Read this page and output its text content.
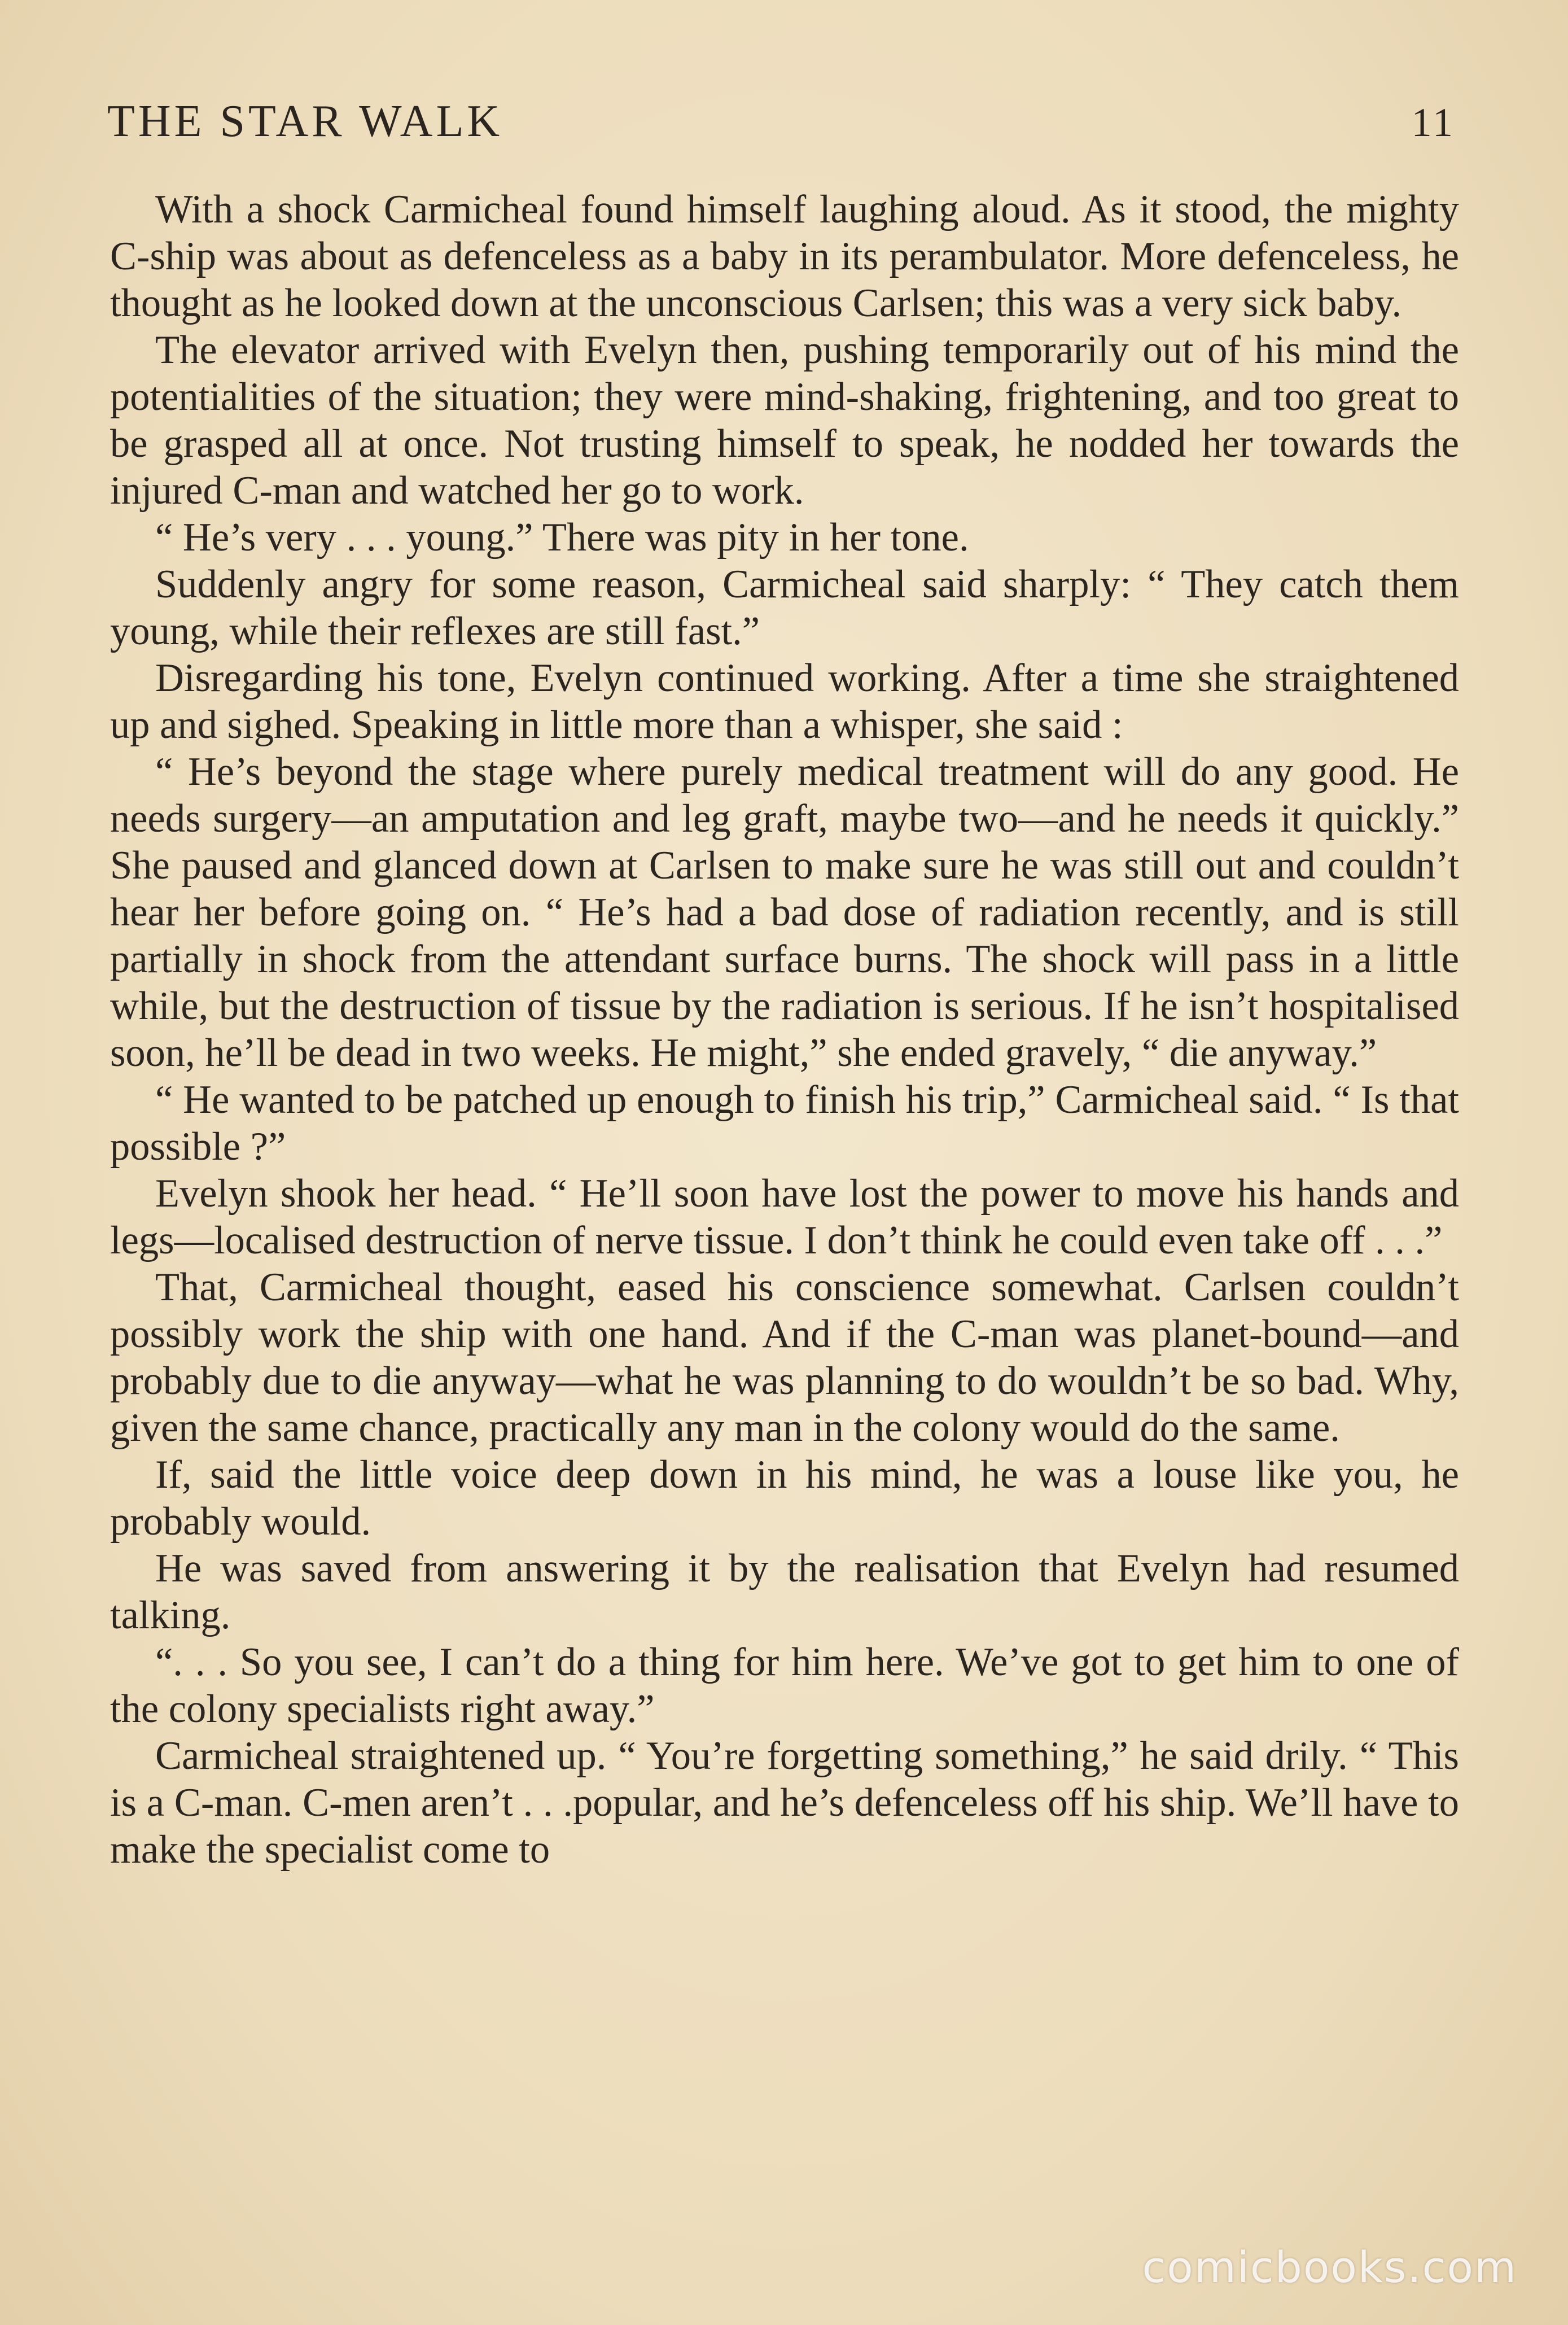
THE STAR WALK	11

With a shock Carmicheal found himself laughing aloud. As it stood, the mighty C-ship was about as defenceless as a baby in its perambulator. More defenceless, he thought as he looked down at the unconscious Carlsen; this was a very sick baby.

The elevator arrived with Evelyn then, pushing temporarily out of his mind the potentialities of the situation; they were mind-shaking, frightening, and too great to be grasped all at once. Not trusting himself to speak, he nodded her towards the injured C-man and watched her go to work.

“ He’s very . . . young.” There was pity in her tone.

Suddenly angry for some reason, Carmicheal said sharply: “ They catch them young, while their reflexes are still fast.”

Disregarding his tone, Evelyn continued working. After a time she straightened up and sighed. Speaking in little more than a whisper, she said :

“ He’s beyond the stage where purely medical treatment will do any good. He needs surgery—an amputation and leg graft, maybe two—and he needs it quickly.” She paused and glanced down at Carlsen to make sure he was still out and couldn’t hear her before going on. “ He’s had a bad dose of radiation recently, and is still partially in shock from the attendant surface burns. The shock will pass in a little while, but the destruction of tissue by the radiation is serious. If he isn’t hospitalised soon, he’ll be dead in two weeks. He might,” she ended gravely, “ die anyway.”

“ He wanted to be patched up enough to finish his trip,” Carmicheal said. “ Is that possible ?”

Evelyn shook her head. “ He’ll soon have lost the power to move his hands and legs—localised destruction of nerve tissue. I don’t think he could even take off . . .”

That, Carmicheal thought, eased his conscience somewhat. Carlsen couldn’t possibly work the ship with one hand. And if the C-man was planet-bound—and probably due to die anyway—what he was planning to do wouldn’t be so bad. Why, given the same chance, practically any man in the colony would do the same.

If, said the little voice deep down in his mind, he was a louse like you, he probably would.

He was saved from answering it by the realisation that Evelyn had resumed talking.

“. . . So you see, I can’t do a thing for him here. We’ve got to get him to one of the colony specialists right away.”

Carmicheal straightened up. “ You’re forgetting something,” he said drily. “ This is a C-man. C-men aren’t . . .popular, and he’s defenceless off his ship. We’ll have to make the specialist come to

comicbooks.com
